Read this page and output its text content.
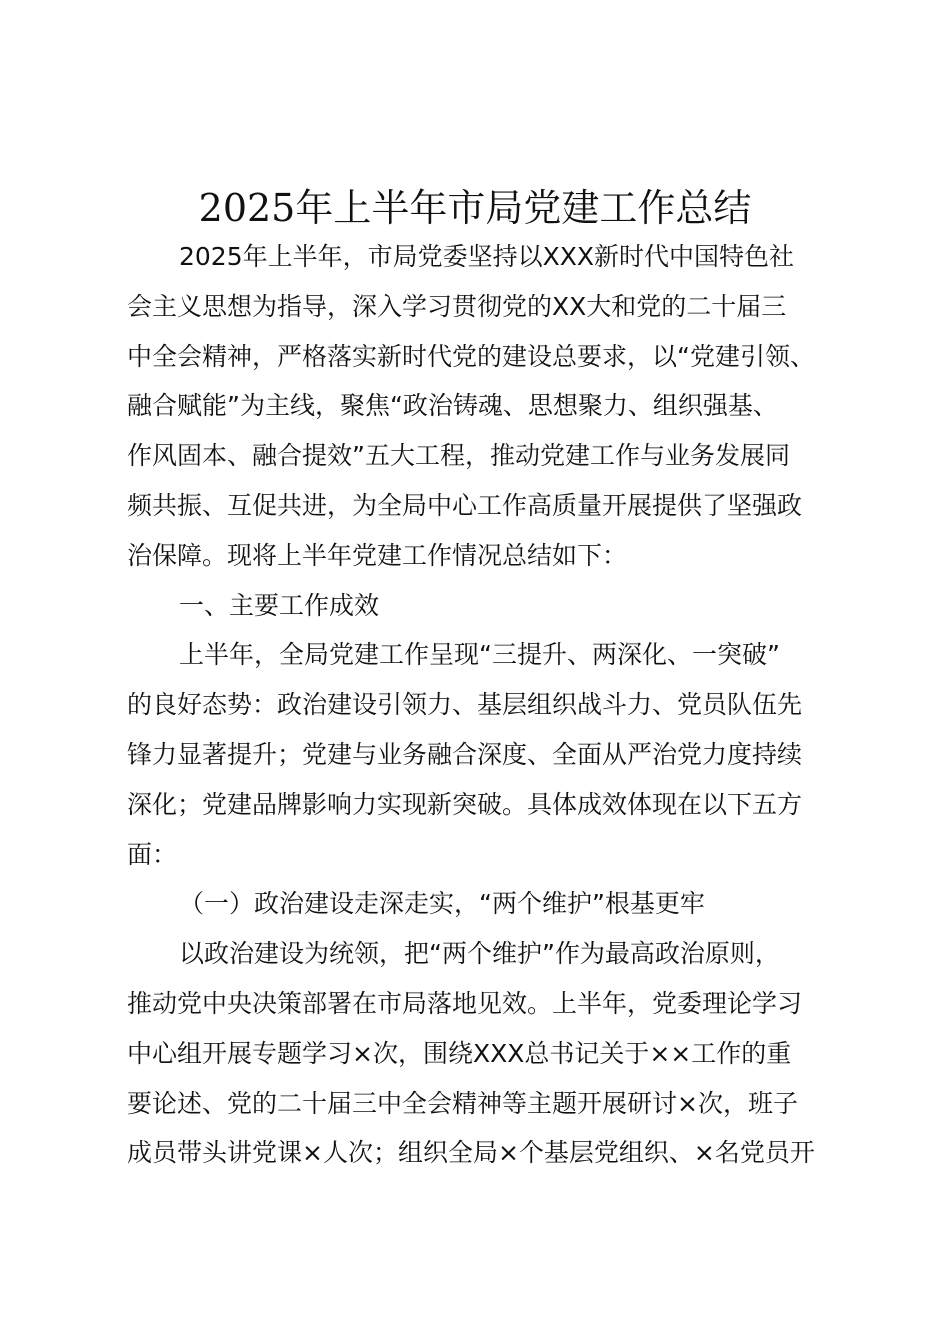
2025年上半年市局党建工作总结
2025年上半年，市局党委坚持以XXX新时代中国特色社
会主义思想为指导，深入学习贯彻党的XX大和党的二十届三
中全会精神，严格落实新时代党的建设总要求，以“党建引领、
融合赋能”为主线，聚焦“政治铸魂、思想聚力、组织强基、
作风固本、融合提效”五大工程，推动党建工作与业务发展同
频共振、互促共进，为全局中心工作高质量开展提供了坚强政
治保障。现将上半年党建工作情况总结如下：
一、主要工作成效
上半年，全局党建工作呈现“三提升、两深化、一突破”
的良好态势：政治建设引领力、基层组织战斗力、党员队伍先
锋力显著提升；党建与业务融合深度、全面从严治党力度持续
深化；党建品牌影响力实现新突破。具体成效体现在以下五方
面：
（一）政治建设走深走实，“两个维护”根基更牢
以政治建设为统领，把“两个维护”作为最高政治原则，
推动党中央决策部署在市局落地见效。上半年，党委理论学习
中心组开展专题学习×次，围绕XXX总书记关于××工作的重
要论述、党的二十届三中全会精神等主题开展研讨×次，班子
成员带头讲党课×人次；组织全局×个基层党组织、×名党员开
